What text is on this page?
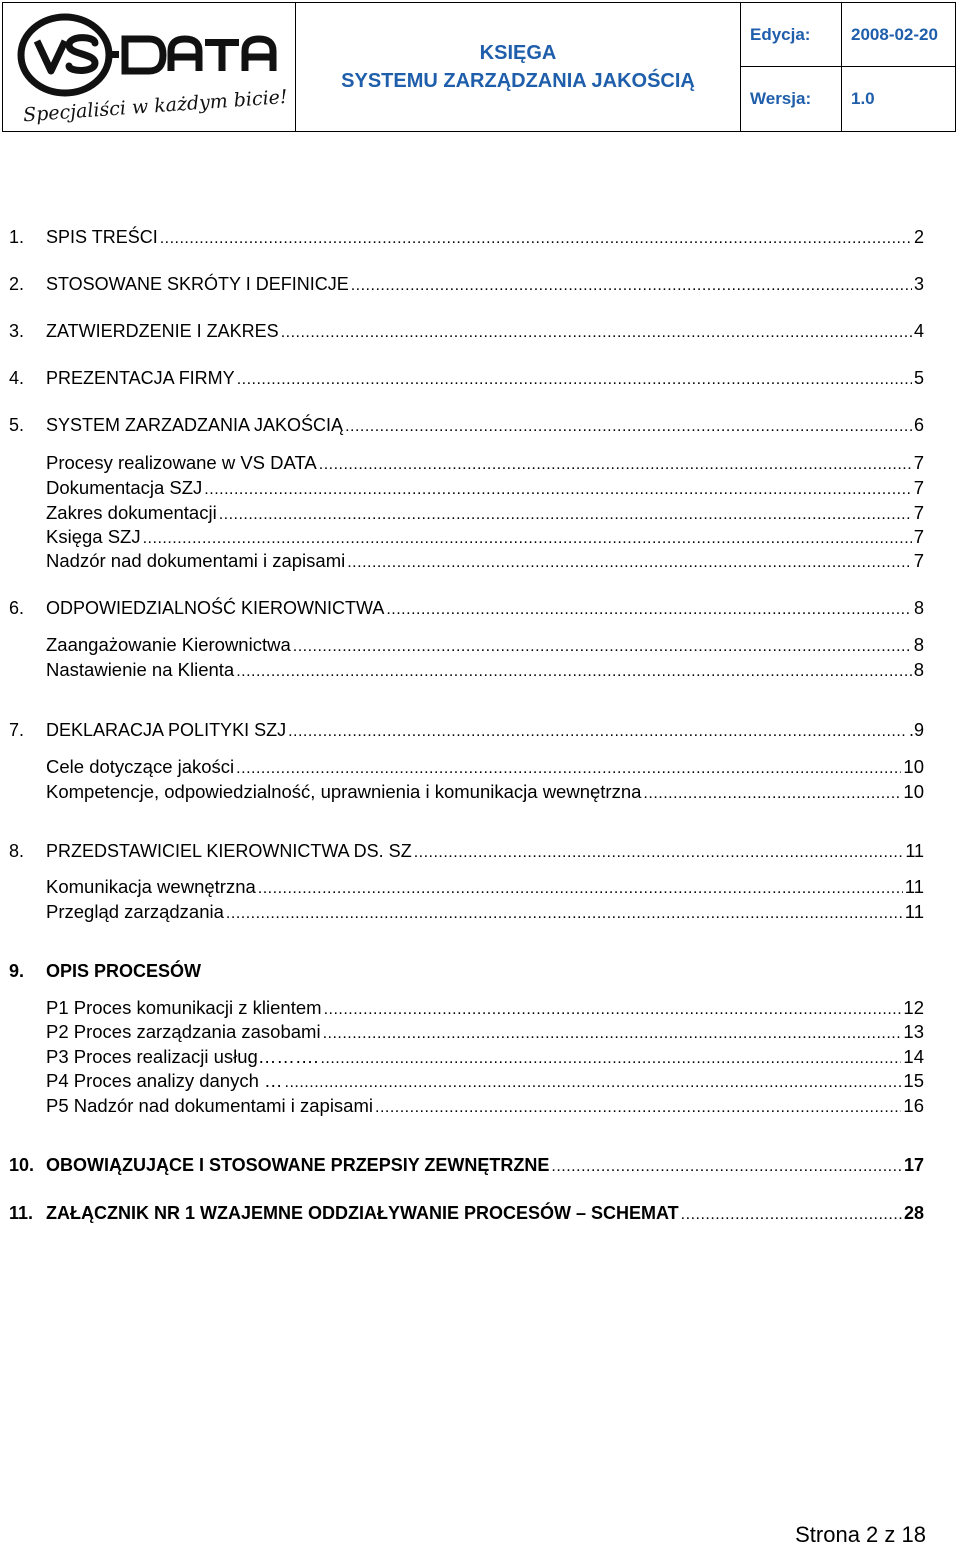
Specjaliści w każdym bicie!
KSIĘGA
SYSTEMU ZARZĄDZANIA JAKOŚCIĄ
Edycja:	2008-02-20
Wersja:	1.0
1.	SPIS TREŚCI .....	2
2.	STOSOWANE SKRÓTY I DEFINICJE .....	3
3.	ZATWIERDZENIE I ZAKRES .....	4
4.	PREZENTACJA FIRMY .....	5
5.	SYSTEM ZARZADZANIA JAKOŚCIĄ .....	6
Procesy realizowane w VS DATA .....	7
Dokumentacja SZJ .....	7
Zakres dokumentacji .....	7
Księga SZJ .....	7
Nadzór nad dokumentami i zapisami .....	7
6.	ODPOWIEDZIALNOŚĆ KIEROWNICTWA .....	8
Zaangażowanie Kierownictwa .....	8
Nastawienie na Klienta .....	8
7.	DEKLARACJA POLITYKI SZJ .....	.9
Cele dotyczące jakości .....	10
Kompetencje, odpowiedzialność, uprawnienia i komunikacja wewnętrzna .....	10
8.	PRZEDSTAWICIEL KIEROWNICTWA DS. SZ .....	11
Komunikacja wewnętrzna .....	11
Przegląd zarządzania .....	11
9.	OPIS PROCESÓW
P1 Proces komunikacji z klientem .....	12
P2 Proces zarządzania zasobami .....	13
P3 Proces realizacji usług………. .....	14
P4 Proces analizy danych … .....	15
P5 Nadzór nad dokumentami i zapisami .....	16
10. OBOWIĄZUJĄCE I STOSOWANE PRZEPSIY ZEWNĘTRZNE .....	17
11. ZAŁĄCZNIK NR 1 WZAJEMNE ODDZIAŁYWANIE PROCESÓW – SCHEMAT .....	28
Strona 2 z 18
